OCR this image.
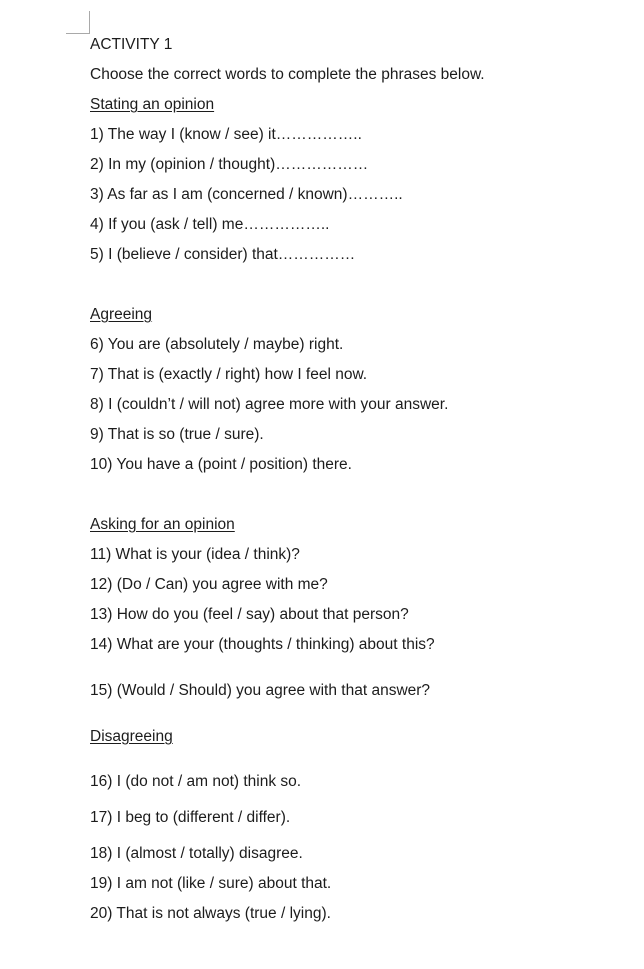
ACTIVITY 1
Choose the correct words to complete the phrases below.
Stating an opinion
1) The way I (know / see) it……………..
2) In my (opinion / thought)………………
3) As far as I am (concerned / known)………..
4) If you (ask / tell) me……………..
5) I (believe / consider) that……………
Agreeing
6) You are (absolutely / maybe) right.
7) That is (exactly / right) how I feel now.
8) I (couldn’t / will not) agree more with your answer.
9) That is so (true / sure).
10) You have a (point / position) there.
Asking for an opinion
11) What is your (idea / think)?
12) (Do / Can) you agree with me?
13) How do you (feel / say) about that person?
14) What are your (thoughts / thinking) about this?
15) (Would / Should) you agree with that answer?
Disagreeing
16) I (do not / am not) think so.
17) I beg to (different / differ).
18) I (almost / totally) disagree.
19) I am not (like / sure) about that.
20) That is not always (true / lying).
